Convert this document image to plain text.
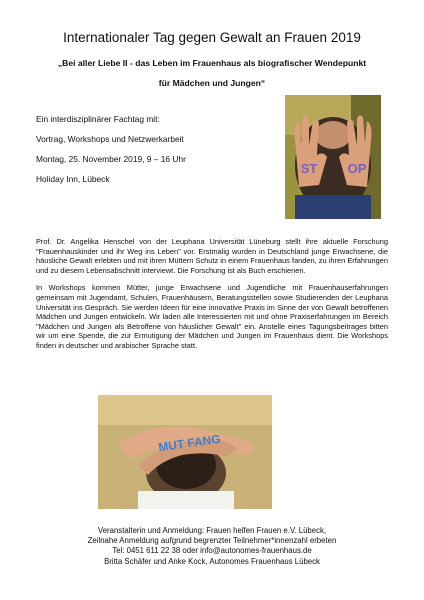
Internationaler Tag gegen Gewalt an Frauen 2019
„Bei aller Liebe II - das Leben im Frauenhaus als biografischer Wendepunkt
für Mädchen und Jungen“

Ein interdisziplinärer Fachtag mit:

Vortrag, Workshops und Netzwerkarbeit

Montag, 25. November 2019, 9 – 16 Uhr

Holiday Inn, Lübeck

ST OP

Prof. Dr. Angelika Henschel von der Leuphana Universität Lüneburg stellt ihre aktuelle Forschung "Frauenhauskinder und ihr Weg ins Leben" vor. Erstmalig wurden in Deutschland junge Erwachsene, die häusliche Gewalt erlebten und mit ihren Müttern Schutz in einem Frauenhaus fanden, zu ihren Erfahrungen und zu diesem Lebensabschnitt interviewt. Die Forschung ist als Buch erschienen.

In Workshops kommen Mütter, junge Erwachsene und Jugendliche mit Frauenhauserfahrungen gemeinsam mit Jugendamt, Schulen, Frauenhäusern, Beratungsstellen sowie Studierenden der Leuphana Universität ins Gespräch. Sie werden Ideen für eine innovative Praxis im Sinne der von Gewalt betroffenen Mädchen und Jungen entwickeln. Wir laden alle Interessierten mit und ohne Praxiserfahrungen im Bereich "Mädchen und Jungen als Betroffene von häuslicher Gewalt" ein. Anstelle eines Tagungsbeitrages bitten wir um eine Spende, die zur Ermutigung der Mädchen und Jungen im Frauenhaus dient. Die Workshops finden in deutscher und arabischer Sprache statt.

MUT FANG
Veranstalterin und Anmeldung: Frauen helfen Frauen e.V. Lübeck,
Zeilnahe Anmeldung aufgrund begrenzter Teilnehmer*innenzahl erbeten
Tel: 0451 611 22 38 oder info@autonomes-frauenhaus.de
Britta Schäfer und Anke Kock, Autonomes Frauenhaus Lübeck
